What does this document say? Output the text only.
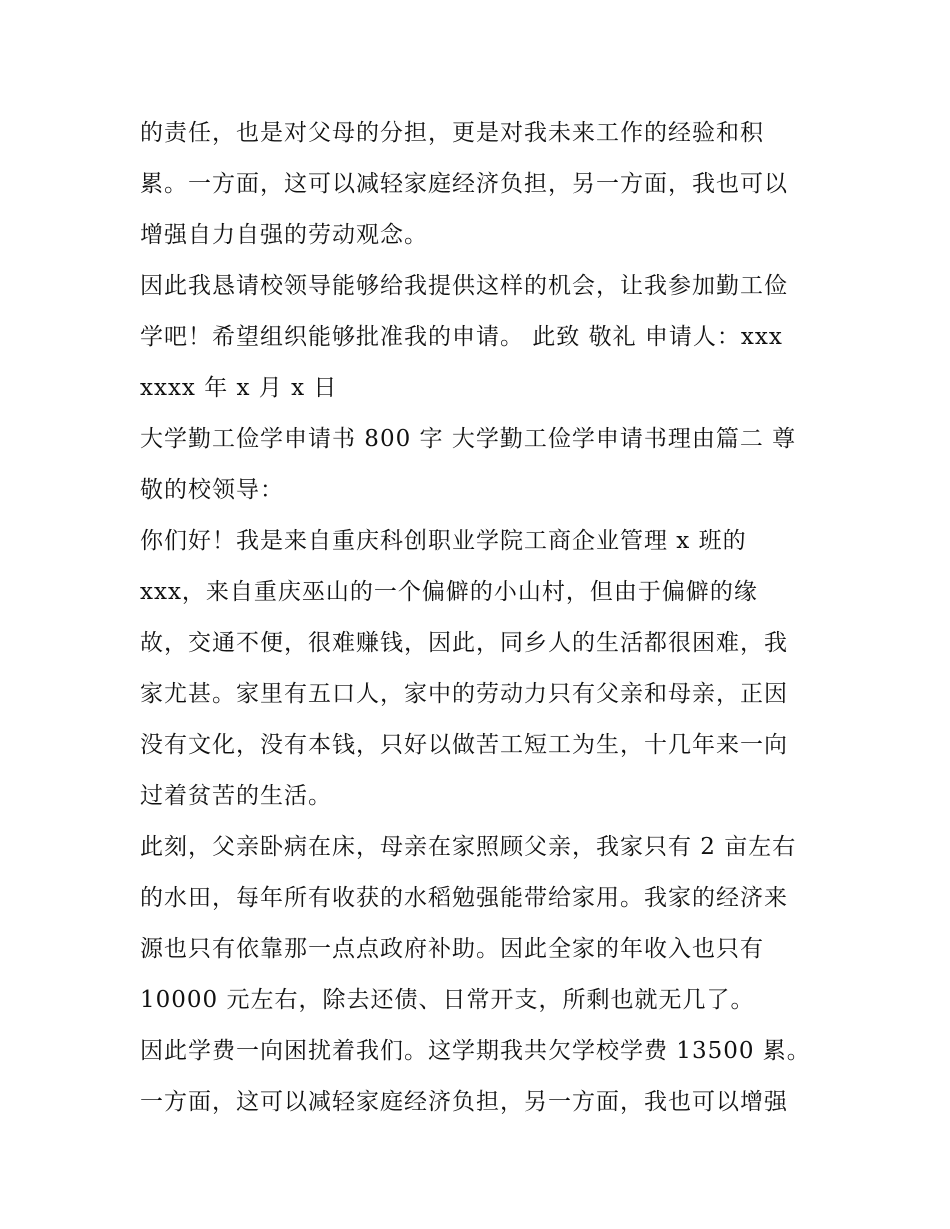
的责任，也是对父母的分担，更是对我未来工作的经验和积
累。一方面，这可以减轻家庭经济负担，另一方面，我也可以
增强自力自强的劳动观念。
因此我恳请校领导能够给我提供这样的机会，让我参加勤工俭
学吧！希望组织能够批准我的申请。 此致 敬礼 申请人：xxx
xxxx 年 x 月 x 日
大学勤工俭学申请书 800 字 大学勤工俭学申请书理由篇二 尊
敬的校领导：
你们好！我是来自重庆科创职业学院工商企业管理 x 班的
xxx，来自重庆巫山的一个偏僻的小山村，但由于偏僻的缘
故，交通不便，很难赚钱，因此，同乡人的生活都很困难，我
家尤甚。家里有五口人，家中的劳动力只有父亲和母亲，正因
没有文化，没有本钱，只好以做苦工短工为生，十几年来一向
过着贫苦的生活。
此刻，父亲卧病在床，母亲在家照顾父亲，我家只有 2 亩左右
的水田，每年所有收获的水稻勉强能带给家用。我家的经济来
源也只有依靠那一点点政府补助。因此全家的年收入也只有
10000 元左右，除去还债、日常开支，所剩也就无几了。
因此学费一向困扰着我们。这学期我共欠学校学费 13500 累。
一方面，这可以减轻家庭经济负担，另一方面，我也可以增强
